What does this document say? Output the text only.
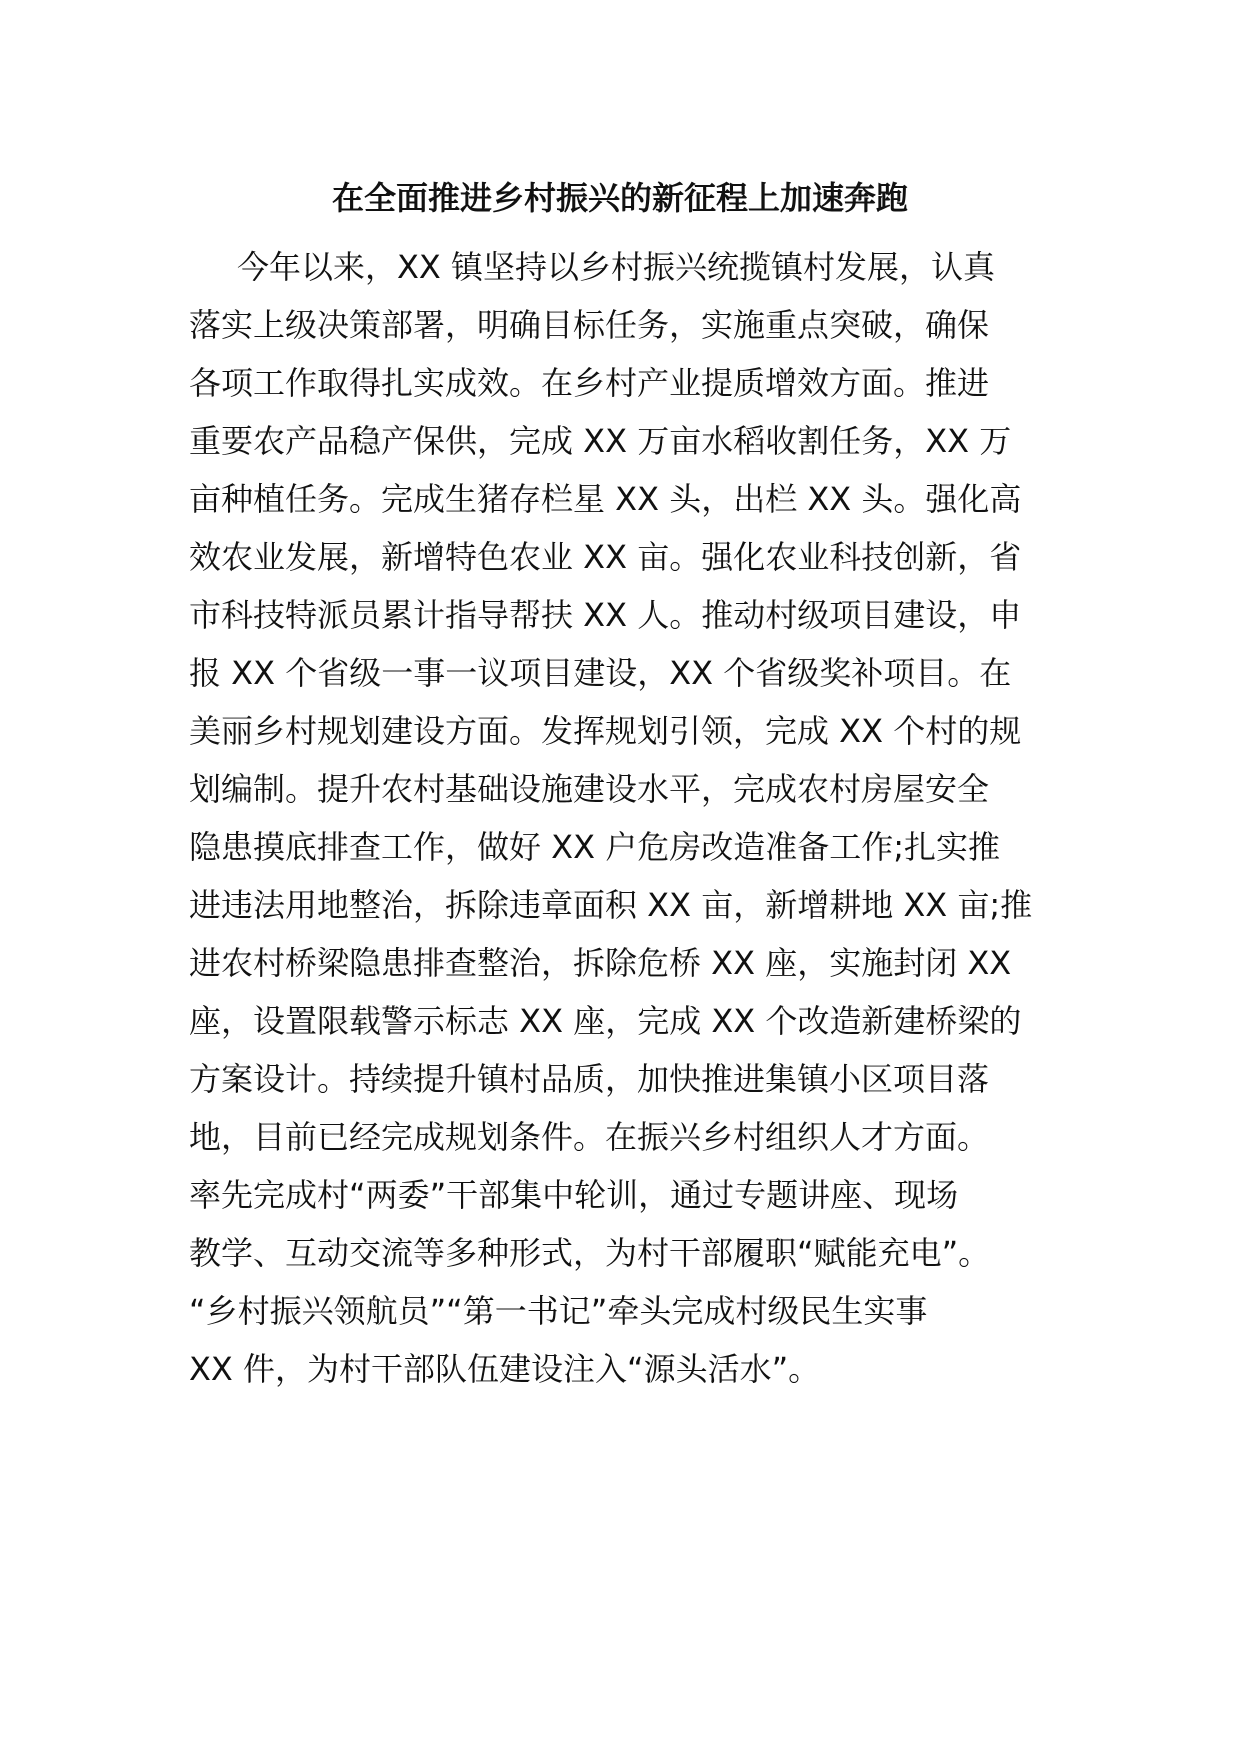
在全面推进乡村振兴的新征程上加速奔跑
今年以来，XX 镇坚持以乡村振兴统揽镇村发展，认真
落实上级决策部署，明确目标任务，实施重点突破，确保
各项工作取得扎实成效。在乡村产业提质增效方面。推进
重要农产品稳产保供，完成 XX 万亩水稻收割任务，XX 万
亩种植任务。完成生猪存栏星 XX 头，出栏 XX 头。强化高
效农业发展，新增特色农业 XX 亩。强化农业科技创新，省
市科技特派员累计指导帮扶 XX 人。推动村级项目建设，申
报 XX 个省级一事一议项目建设，XX 个省级奖补项目。在
美丽乡村规划建设方面。发挥规划引领，完成 XX 个村的规
划编制。提升农村基础设施建设水平，完成农村房屋安全
隐患摸底排查工作，做好 XX 户危房改造准备工作;扎实推
进违法用地整治，拆除违章面积 XX 亩，新增耕地 XX 亩;推
进农村桥梁隐患排查整治，拆除危桥 XX 座，实施封闭 XX
座，设置限载警示标志 XX 座，完成 XX 个改造新建桥梁的
方案设计。持续提升镇村品质，加快推进集镇小区项目落
地，目前已经完成规划条件。在振兴乡村组织人才方面。
率先完成村“两委”干部集中轮训，通过专题讲座、现场
教学、互动交流等多种形式，为村干部履职“赋能充电”。
“乡村振兴领航员”“第一书记”牵头完成村级民生实事
XX 件，为村干部队伍建设注入“源头活水”。
